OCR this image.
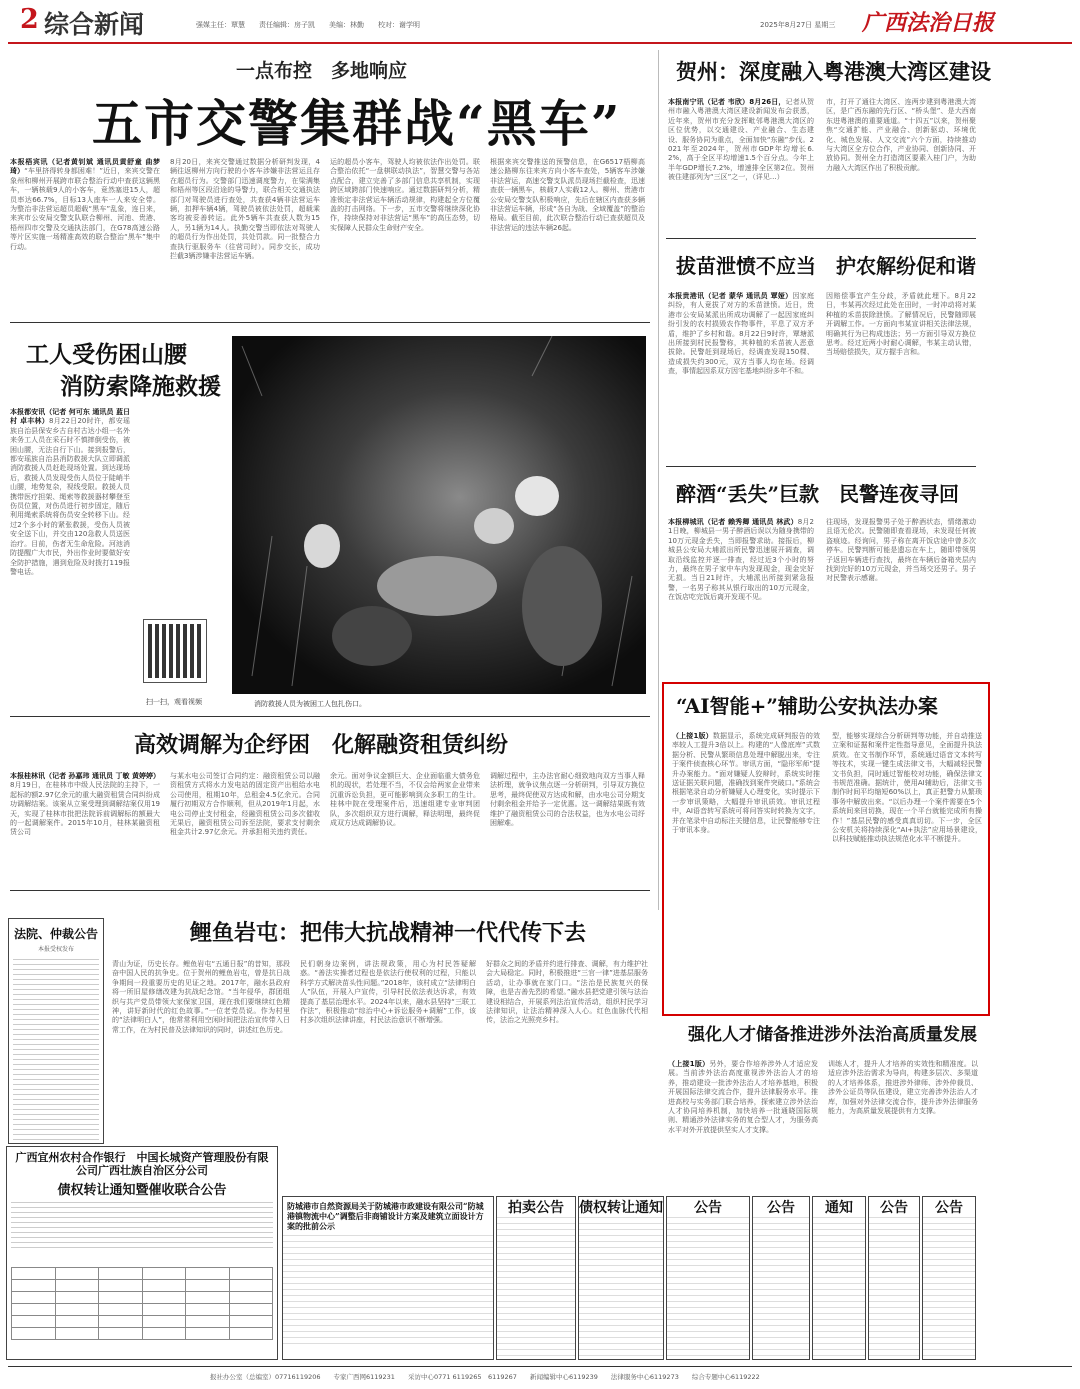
2 综合新闻	强媒主任：覃慧　　责任编辑：房子凯　　美编：林勤　　校对：谢学明	2025年8月27日 星期三 广西法治日报
一点布控　多地响应
五市交警集群战“黑车”
本报梧宾讯（记者黄钊斌 通讯员黄舒童 曲梦琦）“车里挤得转身都困难！”近日，来宾交警在象州和柳州开展跨市联合整治行动中查获这辆黑车，一辆核载9人的小客车，竟然塞进15人，超员率达66.7%，目标13人座车一人来安全带。为整治非法营运超员超载“黑车”乱象，连日来，来宾市公安局交警支队联合柳州、河池、贵港、梧州四市交警及交通执法部门，在G78高速公路等片区实施一场精准高效的联合整治“黑车”集中行动。
8月20日，来宾交警通过数据分析研判发现，4辆往返柳州方向行驶的小客车涉嫌非法营运且存在超员行为。交警部门迅速调度警力，在梁满集和梧州等区段沿途的导警力，联合相关交通执法部门对驾驶员进行查处，共查获4辆非法营运车辆，扣押车辆4辆，驾驶员被依法处罚，超载乘客均被妥善转运。此外5辆车共查获人数为15人，另1辆为14人。执勤交警当即依法对驾驶人的超员行为作出处罚，共处罚款。同一批整合力查执行驱服务车（往营司时）。同步交长，成功拦截3辆涉嫌非法营运车辆。
运的超员小客车，驾驶人均被依法作出处罚。联合整治依托“一盘棋联动执法”，智慧交警与各站点配合，建立完善了多部门信息共享机制，实现跨区域跨部门快速响应。通过数据研判分析，精准锁定非法营运车辆活动规律，构建起全方位覆盖的打击网络。下一步，五市交警将继续深化协作，持续保持对非法营运“黑车”的高压态势，切实保障人民群众生命财产安全。
根据来宾交警推送的预警信息，在G6517梧柳高速公路柳东往来宾方向小客车查处，5辆客车涉嫌非法营运，高速交警支队派员现场拦截检查，迅速查获一辆黑车，核载7人实载12人。柳州、贵港市公安局交警支队积极响应，先后在辖区内查获多辆非法营运车辆，形成“各自为战、全域覆盖”的整治格局。截至目前，此次联合整治行动已查获超员及非法营运的违法车辆26起。
工人受伤困山腰
消防索降施救援
本报都安讯（记者 何可东 通讯员 蓝日村 卓丰林）8月22日20时许，都安瑶族自治县保安乡古自村古达小组一名外来务工人员在采石时不慎摔倒受伤，被困山腰，无法自行下山。接到报警后，都安瑶族自治县消防救援大队立即调派消防救援人员赶赴现场处置。到达现场后，救援人员发现受伤人员位于陡峭半山腰，地势复杂，视线受限。救援人员携带医疗担架、绳索等救援器材攀登至伤员位置，对伤员进行初步固定，随后利用绳索系统将伤员安全转移下山。经过2个多小时的紧张救援，受伤人员被安全送下山，并交由120急救人员送医治疗。目前，伤者无生命危险。河池消防提醒广大市民，外出作业时要做好安全防护措施，遇到危险及时拨打119报警电话。
扫一扫，观看视频	消防救援人员为被困工人包扎伤口。
高效调解为企纾困　化解融资租赁纠纷
本报桂林讯（记者 孙嘉玮 通讯员 丁敏 黄婷婷）8月19日，在桂林市中级人民法院的主持下，一起标的额2.97亿余元的重大融资租赁合同纠纷成功调解结案。该案从立案受理到调解结案仅用19天，实现了桂林市批把法院诉前调解标的额最大的一起调解案件。2015年10月，桂林某融资租赁公司
与某水电公司签订合同约定：融资租赁公司以融资租赁方式将水力发电站的固定资产出租给水电公司使用，租期10年，总租金4.5亿余元。合同履行初期双方合作顺利，但从2019年1月起，水电公司停止支付租金，经融资租赁公司多次催收无果后，融资租赁公司诉至法院，要求支付剩余租金共计2.97亿余元。并承担相关违约责任。
余元。面对争议金额巨大、企业面临重大债务危机的现状，若处理不当，不仅会给两家企业带来沉重诉讼负担，更可能影响到众多职工的生计。桂林中院在受理案件后，迅速组建专业审判团队，多次组织双方进行调解，释法明理，最终促成双方达成调解协议。
调解过程中，主办法官耐心细致地向双方当事人释法析理，就争议焦点逐一分析研判，引导双方换位思考，最终促使双方达成和解，由水电公司分期支付剩余租金并给予一定优惠。这一调解结果既有效维护了融资租赁公司的合法权益，也为水电公司纾困解难。
法院、仲裁公告
本报受权发布
鲤鱼岩屯：把伟大抗战精神一代代传下去
青山为证，历史长存。鲤鱼岩屯“五通日报”的昔知，那段奋中国人民的抗争史。位于贺州的鲤鱼岩屯，曾是抗日战争期间一段重要历史的见证之地。2017年，融水县政府将一所旧屋修缮改建为抗战纪念馆。“当年侵华，群团组织与共产党员带领大家保家卫国，现在我们要继续红色精神，讲好新时代的红色故事。”一位老党员说。作为村里的“法律明白人”，他常常利用空闲时间把法治宣传带入日常工作，在为村民普及法律知识的同时，讲述红色历史。
民们朝身边案例，讲法规政策，用心为村民答疑解惑。“善法实操者过程也是依法行使权利的过程，只能以科学方式解决苗头性问题。”2018年，该村成立“法律明白人”队伍，开展入户宣传，引导村民依法表达诉求，有效提高了基层治理水平。2024年以来，融水县坚持“三联工作法”，积极推动“综治中心+诉讼服务+调解”工作，该村多次组织法律讲座，村民法治意识不断增强。
好群众之间的矛盾并约进行排查、调解，有力维护社会大局稳定。同时，积极推进“三官一律”进基层服务活动，让办事就在家门口。“法治是民族复兴的保障，也是吉善先烈的希望。”融水县把党建引领与法治建设相结合，开展系列法治宣传活动，组织村民学习法律知识，让法治精神深入人心。红色血脉代代相传，法治之光照亮乡村。
广西宜州农村合作银行　中国长城资产管理股份有限公司广西壮族自治区分公司
债权转让通知暨催收联合公告

贺州：深度融入粤港澳大湾区建设
本报南宁讯（记者 韦欣）8月26日，记者从贺州市融入粤港澳大湾区建设新闻发布会获悉，近年来，贺州市充分发挥毗邻粤港澳大湾区的区位优势，以交通建设、产业融合、生态建设、服务协同为重点，全面加快“东融”步伐。2021年至2024年，贺州市GDP年均增长6.2%，高于全区平均增速1.5个百分点。今年上半年GDP增长7.2%，增速排全区第2位。贺州被住建部列为“三区”之一，（详见…）
市，打开了通往大湾区、连两步建到粤港澳大湾区，是广西东融的先行区、“桥头堡”、是大西南东进粤港澳的重要通道。“十四五”以来，贺州聚焦“交通扩能、产业融合、创新驱动、环境优化、城色发展、人文交流”六个方面，持续推动与大湾区全方位合作，产业协同、创新协同、开放协同。贺州全力打造湾区要素入桂门户，为助力融入大湾区作出了积极贡献。
拔苗泄愤不应当　护农解纷促和谐
本报贵港讯（记者 蒙华 通讯员 覃娅）因家庭纠纷，有人竟拔了对方的禾苗泄愤。近日，贵港市公安局某派出所成功调解了一起因家庭纠纷引发的农村损毁农作物事件，平息了双方矛盾，维护了乡村和谐。8月22日9时许，覃塘派出所接到村民报警称，其种植的禾苗被人恶意拔除。民警赶到现场后，经调查发现150棵、造成损失约300元，双方当事人均在场。经调查，事情起因系双方因宅基地纠纷多年不和。
因赔偿事宜产生分歧，矛盾就此埋下。8月22日，韦某再次经过此处在田时，一时冲动将对某种植的禾苗拔除泄愤。了解情况后，民警随即展开调解工作。一方面向韦某宣讲相关法律法规，明确其行为已构成违法；另一方面引导双方换位思考。经过近两小时耐心调解，韦某主动认错，当场赔偿损失，双方握手言和。
醉酒“丢失”巨款　民警连夜寻回
本报柳城讯（记者 赖秀卿 通讯员 林武）8月21日晚，柳城县一男子醉酒后误以为随身携带的10万元现金丢失，当即报警求助。接报后，柳城县公安局大埔派出所民警迅速展开调查，调取沿线监控并逐一排查，经过近3个小时的努力，最终在男子家中车内发现现金，现金完好无损。当日21时许，大埔派出所接到紧急报警，一名男子称其从银行取出的10万元现金，在饭店吃完饭后离开发现不见。
往现场，发现报警男子处于醉酒状态，情绪激动且语无伦次。民警随即查看现场，未发现任何被盗痕迹。经询问，男子称在离开饭店途中曾多次停车。民警判断可能是遗忘在车上，随即带领男子返回车辆进行查找，最终在车辆后备箱夹层内找到完好的10万元现金，并当场交还男子。男子对民警表示感谢。
“AI智能+”辅助公安执法办案
（上接1版）数据显示，系统完成研判报告的效率较人工提升3倍以上。构建的“人像底库”式数据分析、民警从繁琐信息处理中解脱出来，专注于案件侦查核心环节。审讯方面，“隐形军师”提升办案能力。“面对嫌疑人狡辩时，系统实时推送证据关联问题，准确找到案件突破口。”系统会根据笔录自动分析嫌疑人心理变化，实时提示下一步审讯策略，大幅提升审讯质效。审讯过程中，AI语音转写系统可将问答实时转换为文字，并在笔录中自动标注关键信息，让民警能够专注于审讯本身。
型，能够实现综合分析研判等功能，并自动推送立案和证据和案件定性指导意见，全面提升执法质效。在文书制作环节，系统通过语音文本转写等技术，实现一键生成法律文书，大幅减轻民警文书负担，同时通过智能校对功能，确保法律文书规范准确。据统计，使用AI辅助后，法律文书制作时间平均缩短60%以上，真正把警力从繁琐事务中解放出来。“以后办理一个案件需要在5个系统间来回切换，现在一个平台就能完成所有操作！”基层民警的感受真真切切。下一步，全区公安机关将持续深化“AI+执法”应用场景建设，以科技赋能推动执法规范化水平不断提升。
强化人才储备推进涉外法治高质量发展
（上接1版）另外，要合作培养涉外人才适应发展。当前涉外法治高度重视涉外法治人才的培养，推动建设一批涉外法治人才培养基地，积极开展国际法律交流合作，提升法律服务水平。推进高校与实务部门联合培养，探索建立涉外法治人才协同培养机制，加快培养一批通晓国际规则、精通涉外法律实务的复合型人才，为服务高水平对外开放提供坚实人才支撑。
训练人才，提升人才培养的实效性和精准度。以适应涉外法治需求为导向，构建多层次、多渠道的人才培养体系，推进涉外律师、涉外仲裁员、涉外公证员等队伍建设，建立完善涉外法治人才库，加强对外法律交流合作，提升涉外法律服务能力，为高质量发展提供有力支撑。
防城港市自然资源局关于防城港市政建设有限公司“防城港镇物流中心”调整后非商铺设计方案及建筑立面设计方案的批前公示
拍卖公告	债权转让通知	公告	公告	通知	公告	公告
报社办公室（总编室）07716119206　　专家广西网6119231　　采访中心0771 6119265　6119267　　新闻编辑中心6119239　　法律服务中心6119273　　综合专题中心6119222
